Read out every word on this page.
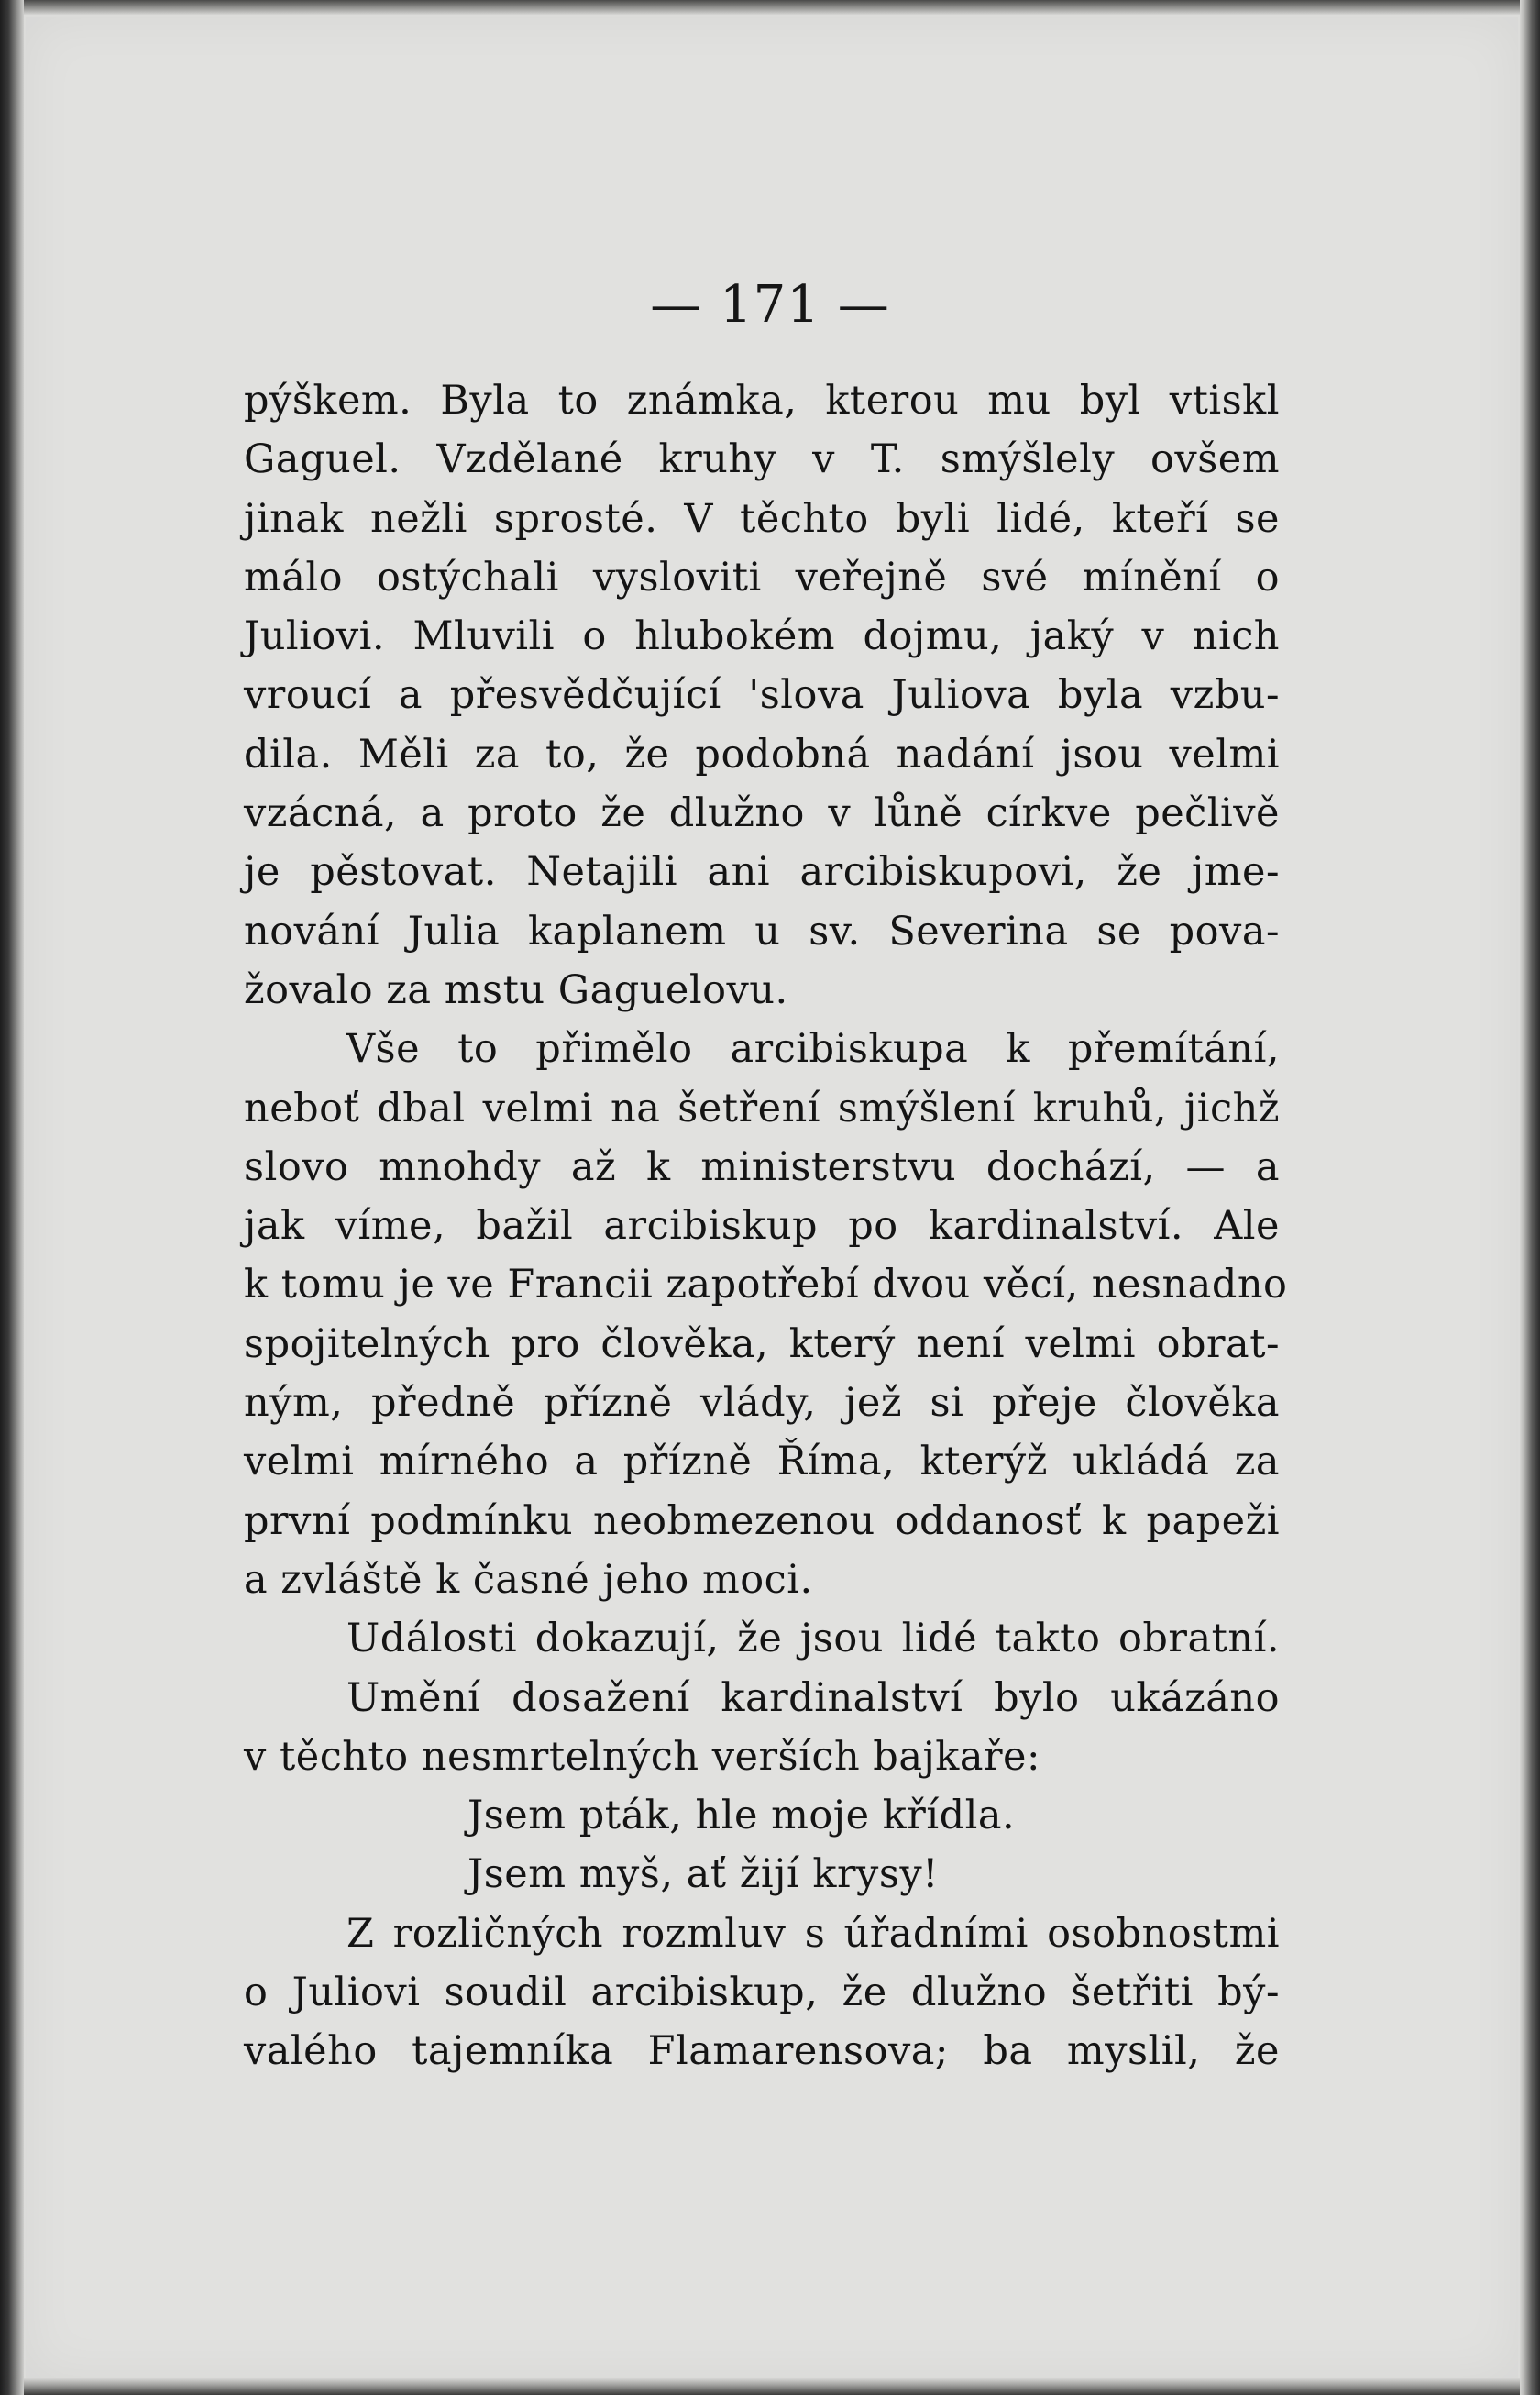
— 171 —
pýškem. Byla to známka, kterou mu byl vtiskl
Gaguel. Vzdělané kruhy v T. smýšlely ovšem
jinak nežli sprosté. V těchto byli lidé, kteří se
málo ostýchali vysloviti veřejně své mínění o
Juliovi. Mluvili o hlubokém dojmu, jaký v nich
vroucí a přesvědčující 'slova Juliova byla vzbu-
dila. Měli za to, že podobná nadání jsou velmi
vzácná, a proto že dlužno v lůně církve pečlivě
je pěstovat. Netajili ani arcibiskupovi, že jme-
nování Julia kaplanem u sv. Severina se pova-
žovalo za mstu Gaguelovu.
Vše to přimělo arcibiskupa k přemítání,
neboť dbal velmi na šetření smýšlení kruhů, jichž
slovo mnohdy až k ministerstvu dochází, — a
jak víme, bažil arcibiskup po kardinalství. Ale
k tomu je ve Francii zapotřebí dvou věcí, nesnadno
spojitelných pro člověka, který není velmi obrat-
ným, předně přízně vlády, jež si přeje člověka
velmi mírného a přízně Říma, kterýž ukládá za
první podmínku neobmezenou oddanosť k papeži
a zvláště k časné jeho moci.
Události dokazují, že jsou lidé takto obratní.
Umění dosažení kardinalství bylo ukázáno
v těchto nesmrtelných verších bajkaře:
Jsem pták, hle moje křídla.
Jsem myš, ať žijí krysy!
Z rozličných rozmluv s úřadními osobnostmi
o Juliovi soudil arcibiskup, že dlužno šetřiti bý-
valého tajemníka Flamarensova; ba myslil, že
